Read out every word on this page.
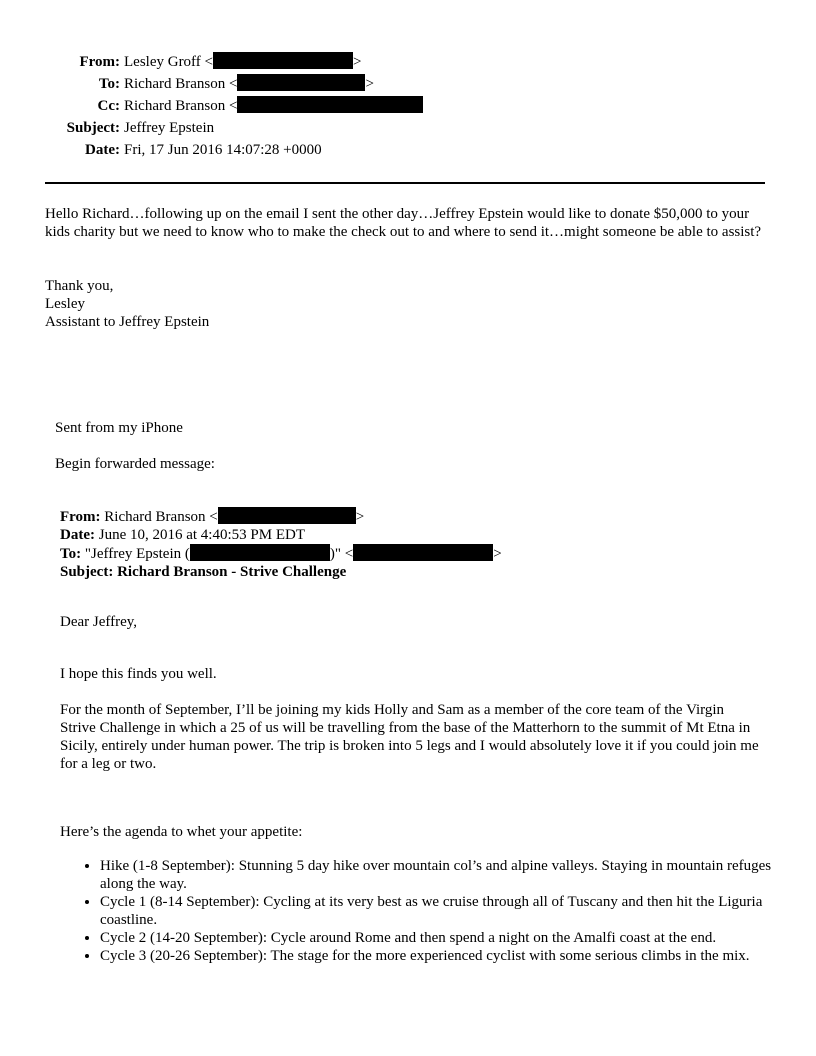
From: Lesley Groff <	>
To: Richard Branson <	>
Cc: Richard Branson <
Subject: Jeffrey Epstein
Date: Fri, 17 Jun 2016 14:07:28 +0000
Hello Richard…following up on the email I sent the other day…Jeffrey Epstein would like to donate $50,000 to your kids charity but we need to know who to make the check out to and where to send it…might someone be able to assist?
Thank you,
Lesley
Assistant to Jeffrey Epstein
Sent from my iPhone
Begin forwarded message:
From: Richard Branson <	>
Date: June 10, 2016 at 4:40:53 PM EDT
To: "Jeffrey Epstein (	)" <	>
Subject: Richard Branson - Strive Challenge
Dear Jeffrey,
I hope this finds you well.
For the month of September, I’ll be joining my kids Holly and Sam as a member of the core team of the Virgin Strive Challenge in which a 25 of us will be travelling from the base of the Matterhorn to the summit of Mt Etna in Sicily, entirely under human power. The trip is broken into 5 legs and I would absolutely love it if you could join me for a leg or two.
Here’s the agenda to whet your appetite:
• Hike (1-8 September): Stunning 5 day hike over mountain col’s and alpine valleys. Staying in mountain refuges along the way.
• Cycle 1 (8-14 September): Cycling at its very best as we cruise through all of Tuscany and then hit the Liguria coastline.
• Cycle 2 (14-20 September): Cycle around Rome and then spend a night on the Amalfi coast at the end.
• Cycle 3 (20-26 September): The stage for the more experienced cyclist with some serious climbs in the mix.
